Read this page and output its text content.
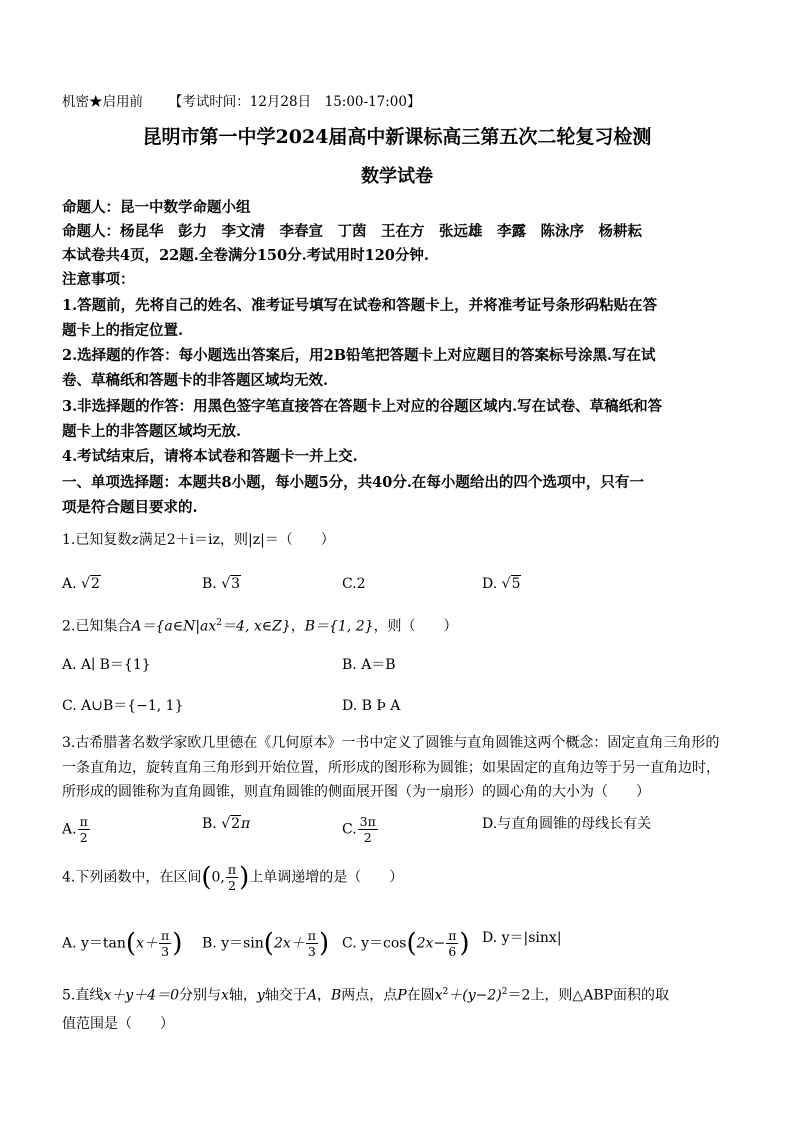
机密★启用前 【考试时间：12月28日　15:00-17:00】
昆明市第一中学2024届高中新课标高三第五次二轮复习检测
数学试卷
命题人：昆一中数学命题小组
命题人：杨昆华　彭力　李文清　李春宣　丁茵　王在方　张远雄　李露　陈泳序　杨耕耘
本试卷共4页，22题.全卷满分150分.考试用时120分钟.
注意事项：
1.答题前，先将自己的姓名、准考证号填写在试卷和答题卡上，并将准考证号条形码粘贴在答
题卡上的指定位置.
2.选择题的作答：每小题选出答案后，用2B铅笔把答题卡上对应题目的答案标号涂黑.写在试
卷、草稿纸和答题卡的非答题区域均无效.
3.非选择题的作答：用黑色签字笔直接答在答题卡上对应的谷题区域内.写在试卷、草稿纸和答
题卡上的非答题区域均无放.
4.考试结束后，请将本试卷和答题卡一并上交.
一、单项选择题：本题共8小题，每小题5分，共40分.在每小题给出的四个选项中，只有一
项是符合题目要求的.
1.已知复数z满足2＋i＝iz，则|z|＝（　　）
A. √2	B. √3	C.2	D. √5
2.已知集合$A=\{a\in N|ax^2=4$, x∈Z}，B＝{1, 2}，则（　　）
A. A∣ B＝{1}	B. A＝B
C. A∪B＝{−1, 1}	D. B Þ A
3.古希腊著名数学家欧几里德在《几何原本》一书中定义了圆锥与直角圆锥这两个概念：固定直角三角形的
一条直角边，旋转直角三角形到开始位置，所形成的图形称为圆锥；如果固定的直角边等于另一直角边时，
所形成的圆锥称为直角圆锥，则直角圆锥的侧面展开图（为一扇形）的圆心角的大小为（　　）
A. $\frac{\pi}{2}$	B. √2π	C. $\frac{3\pi}{2}$	D.与直角圆锥的母线长有关
4.下列函数中，在区间(0, $\frac{\pi}{2}$ )上单调递增的是（　　）
A. $y=\tan(x+ \frac{\pi}{3}$ ) B. $y=\sin(2x+ \frac{\pi}{3}$ ) C. $y=\cos(2x- \frac{\pi}{6}$ ) D. y＝|sinx|
5.直线x＋y＋4＝0分别与x轴，y轴交于A，B两点，点P在圆$x^2+(y-2)^2=2$上，则△ABP面积的取
值范围是（　　）
